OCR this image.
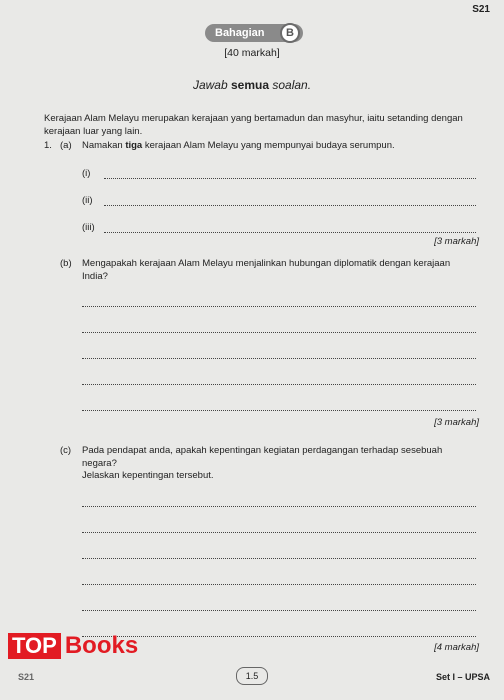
S21
Bahagian	B
[40 markah]
Jawab semua soalan.
Kerajaan Alam Melayu merupakan kerajaan yang bertamadun dan masyhur, iaitu setanding dengan kerajaan luar yang lain.
1. (a) Namakan tiga kerajaan Alam Melayu yang mempunyai budaya serumpun.
(i)
(ii)
(iii)
[3 markah]
(b) Mengapakah kerajaan Alam Melayu menjalinkan hubungan diplomatik dengan kerajaan India?
[3 markah]
(c) Pada pendapat anda, apakah kepentingan kegiatan perdagangan terhadap sesebuah negara?
Jelaskan kepentingan tersebut.
[4 markah]
TOP Books
S21	1.5	Set I – UPSA
